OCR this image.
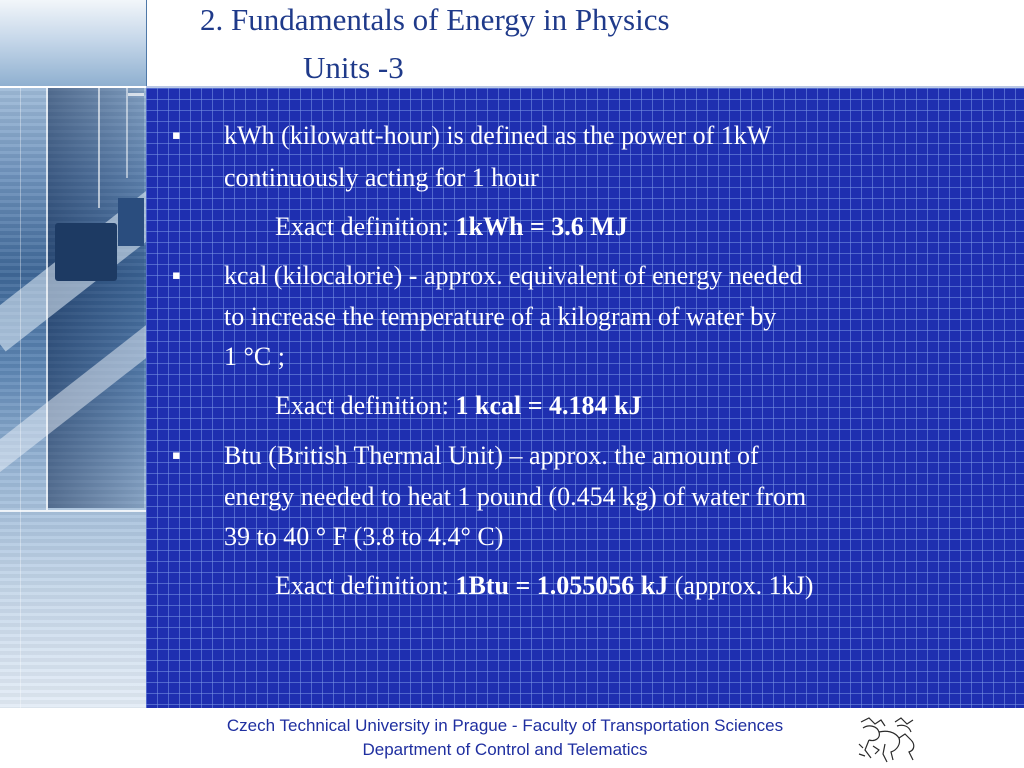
2. Fundamentals of Energy in Physics
Units -3
▪	kWh (kilowatt-hour) is defined as the power of 1kW
continuously acting for 1 hour
Exact definition: 1kWh = 3.6 MJ
▪	kcal (kilocalorie) - approx. equivalent of energy needed
to increase the temperature of a kilogram of water by
1 °C ;
Exact definition: 1 kcal = 4.184 kJ
▪	Btu (British Thermal Unit) – approx. the amount of
energy needed to heat 1 pound (0.454 kg) of water from
39 to 40 ° F (3.8 to 4.4° C)
Exact definition: 1Btu = 1.055056 kJ (approx. 1kJ)
Czech Technical University in Prague - Faculty of Transportation Sciences
Department of Control and Telematics
